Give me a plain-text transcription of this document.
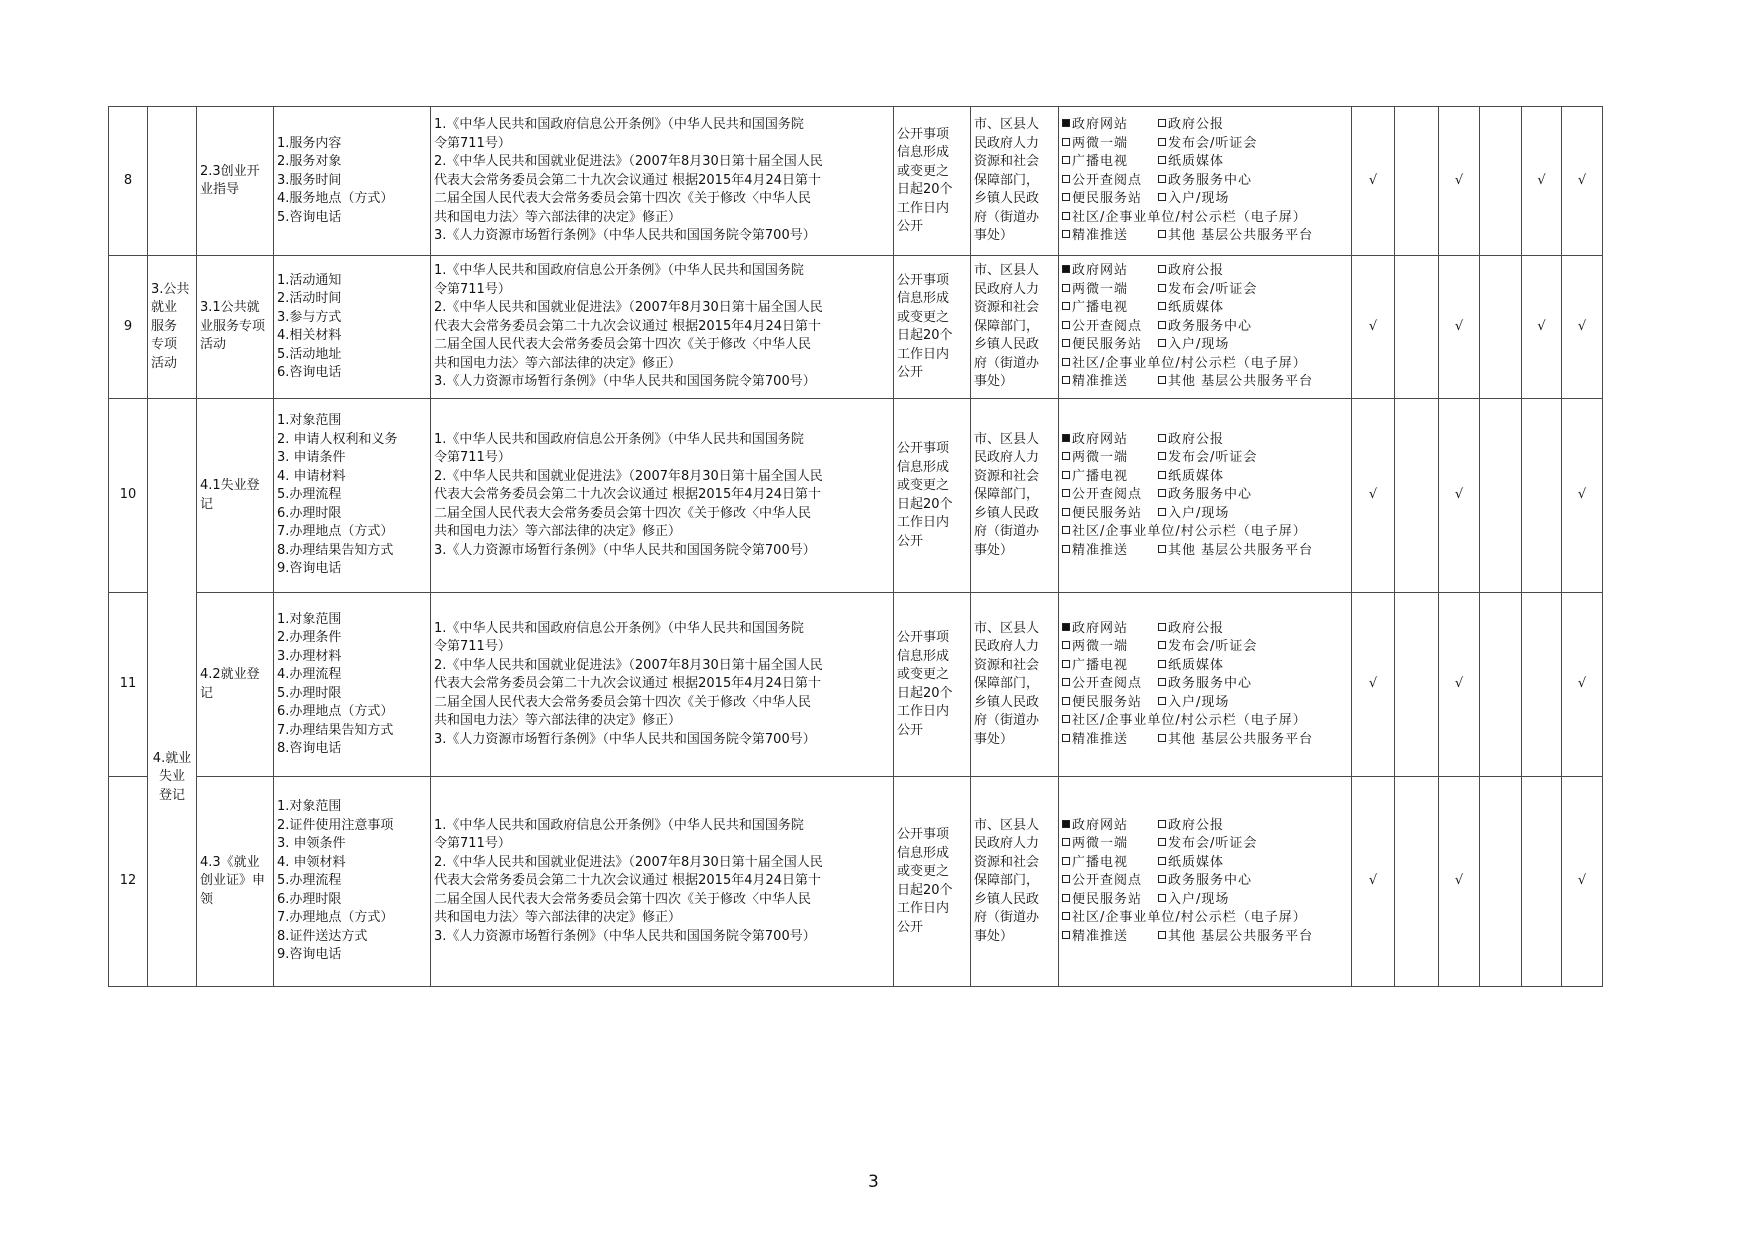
8		2.3创业开业指导	
1.服务内容
2.服务对象
3.服务时间
4.服务地点（方式）
5.咨询电话

1.《中华人民共和国政府信息公开条例》（中华人民共和国国务院
令第711号）
2.《中华人民共和国就业促进法》（2007年8月30日第十届全国人民
代表大会常务委员会第二十九次会议通过 根据2015年4月24日第十
二届全国人民代表大会常务委员会第十四次《关于修改〈中华人民
共和国电力法〉等六部法律的决定》修正）
3.《人力资源市场暂行条例》（中华人民共和国国务院令第700号）

公开事项
信息形成
或变更之
日起20个
工作日内
公开

市、区县人
民政府人力
资源和社会
保障部门，
乡镇人民政
府（街道办
事处）

政府网站	政府公报
两微一端	发布会/听证会
广播电视	纸质媒体
公开查阅点 政务服务中心
便民服务站 入户/现场
社区/企事业单位/村公示栏（电子屏）
精准推送	其他 基层公共服务平台
	√		√		√	√
9	
3.公共
就业
服务
专项
活动
	3.1公共就业服务专项活动	
1.活动通知
2.活动时间
3.参与方式
4.相关材料
5.活动地址
6.咨询电话

1.《中华人民共和国政府信息公开条例》（中华人民共和国国务院
令第711号）
2.《中华人民共和国就业促进法》（2007年8月30日第十届全国人民
代表大会常务委员会第二十九次会议通过 根据2015年4月24日第十
二届全国人民代表大会常务委员会第十四次《关于修改〈中华人民
共和国电力法〉等六部法律的决定》修正）
3.《人力资源市场暂行条例》（中华人民共和国国务院令第700号）

公开事项
信息形成
或变更之
日起20个
工作日内
公开

市、区县人
民政府人力
资源和社会
保障部门，
乡镇人民政
府（街道办
事处）

政府网站	政府公报
两微一端	发布会/听证会
广播电视	纸质媒体
公开查阅点 政务服务中心
便民服务站 入户/现场
社区/企事业单位/村公示栏（电子屏）
精准推送	其他 基层公共服务平台
	√		√		√	√
10	
4.就业
失业
登记
	4.1失业登记	
1.对象范围
2. 申请人权利和义务
3. 申请条件
4. 申请材料
5.办理流程
6.办理时限
7.办理地点（方式）
8.办理结果告知方式
9.咨询电话

1.《中华人民共和国政府信息公开条例》（中华人民共和国国务院
令第711号）
2.《中华人民共和国就业促进法》（2007年8月30日第十届全国人民
代表大会常务委员会第二十九次会议通过 根据2015年4月24日第十
二届全国人民代表大会常务委员会第十四次《关于修改〈中华人民
共和国电力法〉等六部法律的决定》修正）
3.《人力资源市场暂行条例》（中华人民共和国国务院令第700号）

公开事项
信息形成
或变更之
日起20个
工作日内
公开

市、区县人
民政府人力
资源和社会
保障部门，
乡镇人民政
府（街道办
事处）

政府网站	政府公报
两微一端	发布会/听证会
广播电视	纸质媒体
公开查阅点 政务服务中心
便民服务站 入户/现场
社区/企事业单位/村公示栏（电子屏）
精准推送	其他 基层公共服务平台
	√		√			√
11	4.2就业登记	
1.对象范围
2.办理条件
3.办理材料
4.办理流程
5.办理时限
6.办理地点（方式）
7.办理结果告知方式
8.咨询电话

1.《中华人民共和国政府信息公开条例》（中华人民共和国国务院
令第711号）
2.《中华人民共和国就业促进法》（2007年8月30日第十届全国人民
代表大会常务委员会第二十九次会议通过 根据2015年4月24日第十
二届全国人民代表大会常务委员会第十四次《关于修改〈中华人民
共和国电力法〉等六部法律的决定》修正）
3.《人力资源市场暂行条例》（中华人民共和国国务院令第700号）

公开事项
信息形成
或变更之
日起20个
工作日内
公开

市、区县人
民政府人力
资源和社会
保障部门，
乡镇人民政
府（街道办
事处）

政府网站	政府公报
两微一端	发布会/听证会
广播电视	纸质媒体
公开查阅点 政务服务中心
便民服务站 入户/现场
社区/企事业单位/村公示栏（电子屏）
精准推送	其他 基层公共服务平台
	√		√			√
12	4.3《就业创业证》申领	
1.对象范围
2.证件使用注意事项
3. 申领条件
4. 申领材料
5.办理流程
6.办理时限
7.办理地点（方式）
8.证件送达方式
9.咨询电话

1.《中华人民共和国政府信息公开条例》（中华人民共和国国务院
令第711号）
2.《中华人民共和国就业促进法》（2007年8月30日第十届全国人民
代表大会常务委员会第二十九次会议通过 根据2015年4月24日第十
二届全国人民代表大会常务委员会第十四次《关于修改〈中华人民
共和国电力法〉等六部法律的决定》修正）
3.《人力资源市场暂行条例》（中华人民共和国国务院令第700号）

公开事项
信息形成
或变更之
日起20个
工作日内
公开

市、区县人
民政府人力
资源和社会
保障部门，
乡镇人民政
府（街道办
事处）

政府网站	政府公报
两微一端	发布会/听证会
广播电视	纸质媒体
公开查阅点 政务服务中心
便民服务站 入户/现场
社区/企事业单位/村公示栏（电子屏）
精准推送	其他 基层公共服务平台
	√		√			√
3
